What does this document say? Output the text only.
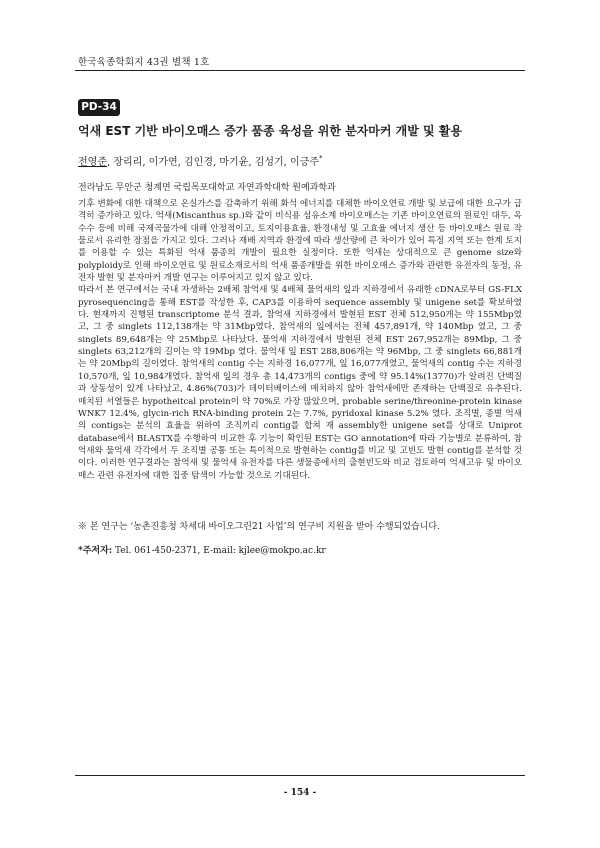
한국육종학회지 43권 별책 1호
PD-34
억새 EST 기반 바이오매스 증가 품종 육성을 위한 분자마커 개발 및 활용
전영준, 장리리, 이가연, 김인경, 마기윤, 김성기, 이긍주*
전라남도 무안군 청계면 국립목포대학교 자연과학대학 원예과학과

기후 변화에 대한 대책으로 온실가스를 감축하기 위해 화석 에너지를 대체한 바이오연료 개발 및 보급에 대한 요구가 급격히 증가하고 있다. 억새(Miscanthus sp.)와 같이 비식용 섬유소계 바이오매스는 기존 바이오연료의 원료인 대두, 옥수수 등에 비해 국제곡물가에 대해 안정적이고, 토지이용효율, 환경내성 및 고효율 에너지 생산 등 바이오매스 원료 작물로서 유리한 장점을 가지고 있다. 그러나 재배 지역과 환경에 따라 생산량에 큰 차이가 있어 특정 지역 또는 한계 토지를 이용할 수 있는 특화된 억새 품종의 개발이 필요한 실정이다. 또한 억새는 상대적으로 큰 genome size와 polyploidy로 인해 바이오연료 및 원료소재로서의 억새 품종개발을 위한 바이오매스 증가와 관련한 유전자의 동정, 유전자 발현 및 분자마커 개발 연구는 이루어지고 있지 않고 있다.

따라서 본 연구에서는 국내 자생하는 2배체 참억새 및 4배체 물억새의 잎과 지하경에서 유래한 cDNA로부터 GS-FLX pyrosequencing을 통해 EST를 작성한 후, CAP3를 이용하여 sequence assembly 및 unigene set를 확보하였다. 현재까지 진행된 transcriptome 분석 결과, 참억새 지하경에서 발현된 EST 전체 512,950개는 약 155Mbp였고, 그 중 singlets 112,138개는 약 31Mbp였다. 참억새의 잎에서는 전체 457,891개, 약 140Mbp 였고, 그 중 singlets 89,648개는 약 25Mbp로 나타났다. 물억새 지하경에서 발현된 전체 EST 267,952개는 89Mbp, 그 중 singlets 63,212개의 길이는 약 19Mbp 였다. 물억새 잎 EST 288,806개는 약 96Mbp, 그 중 singlets 66,881개는 약 20Mbp의 길이였다. 참억새의 contig 수는 지하경 16,077개, 잎 16,077개였고, 물억새의 contig 수는 지하경 10,570개, 잎 10,984개였다. 참억새 잎의 경우 총 14,473개의 contigs 중에 약 95.14%(13770)가 알려진 단백질과 상동성이 있게 나타났고, 4.86%(703)가 데이터베이스에 매치하지 않아 참억새에만 존재하는 단백질로 유추된다. 매치된 서열들은 hypotheitcal protein이 약 70%로 가장 많았으며, probable serine/threonine-protein kinase WNK7 12.4%, glycin-rich RNA-binding protein 2는 7.7%, pyridoxal kinase 5.2% 였다. 조직별, 종별 억새의 contigs는 분석의 효율을 위하여 조직끼리 contig를 합쳐 재 assembly한 unigene set를 상대로 Uniprot database에서 BLASTX를 수행하여 비교한 후 기능이 확인된 EST는 GO annotation에 따라 기능별로 분류하여, 참억새와 물억새 각각에서 두 조직별 공통 또는 특이적으로 발현하는 contig를 비교 및 고빈도 발현 contig를 분석할 것이다. 이러한 연구결과는 참억새 및 물억새 유전자를 다른 생물종에서의 출현빈도와 비교 검토하여 억새고유 및 바이오매스 관련 유전자에 대한 집중 탐색이 가능할 것으로 기대된다.

※ 본 연구는 ‘농촌진흥청 차세대 바이오그린21 사업’의 연구비 지원을 받아 수행되었습니다.
*주저자: Tel. 061-450-2371, E-mail: kjlee@mokpo.ac.kr
- 154 -
